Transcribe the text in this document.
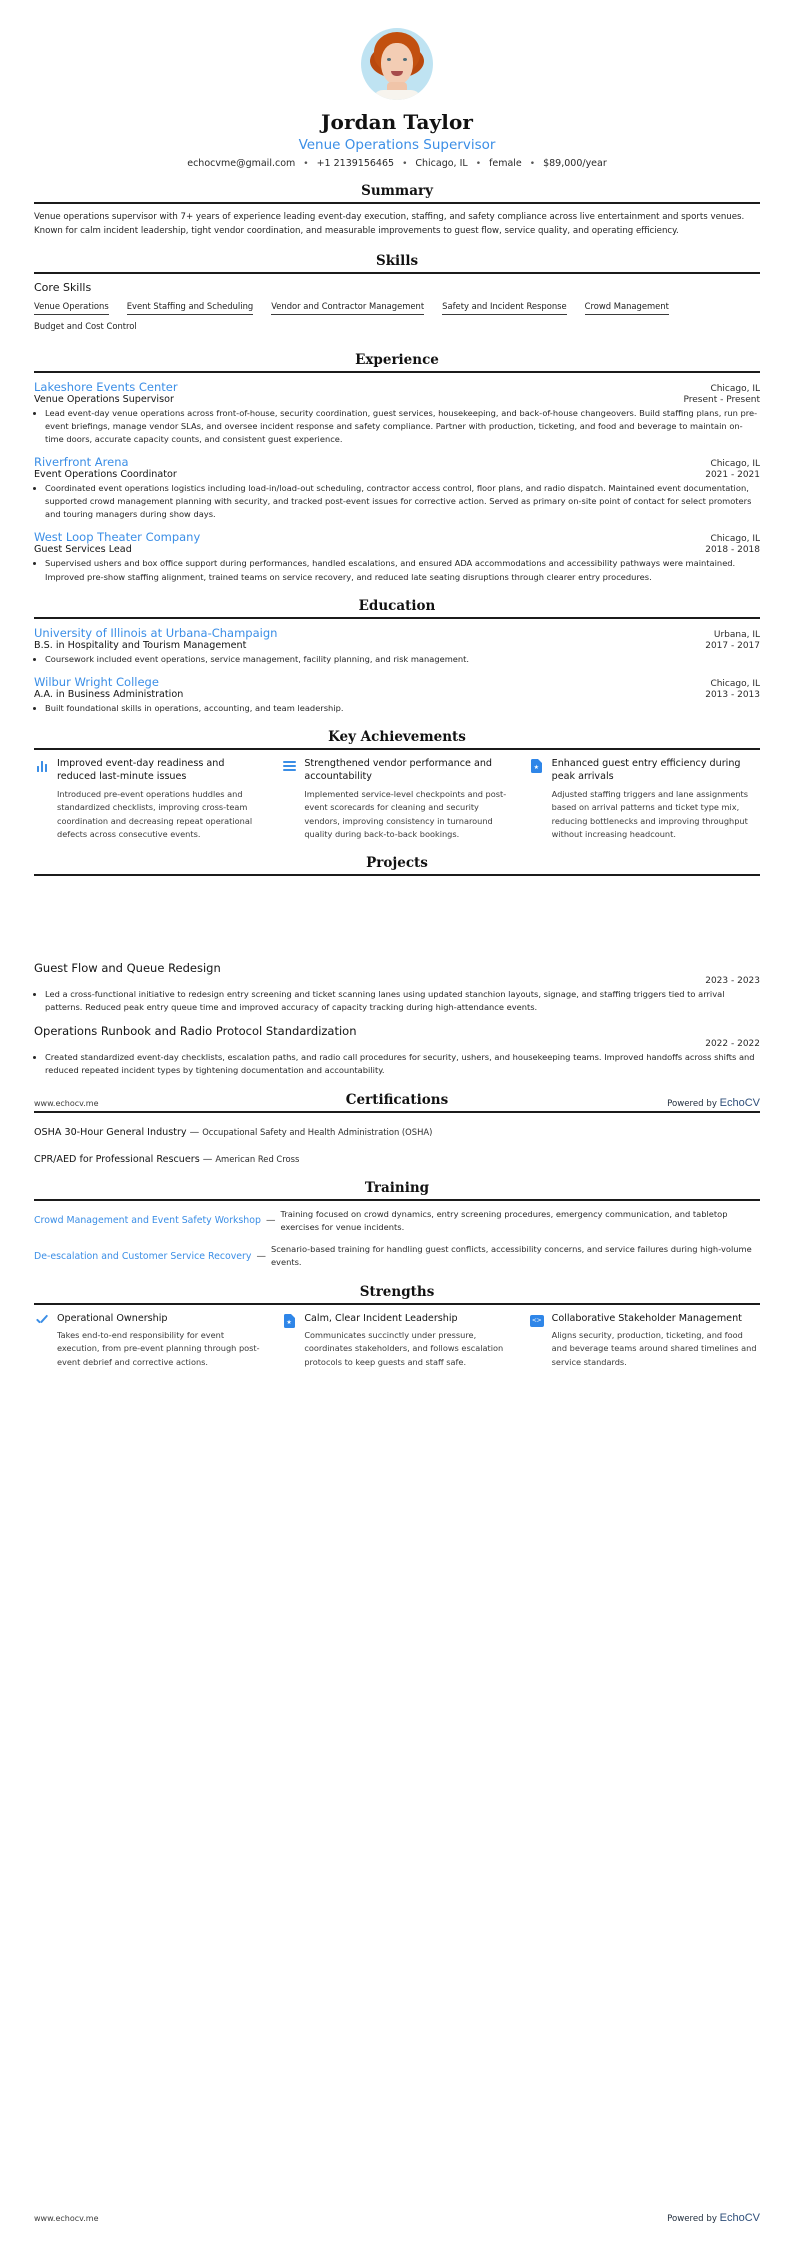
Jordan Taylor
Venue Operations Supervisor
echocvme@gmail.com • +1 2139156465 • Chicago, IL • female • $89,000/year
Summary
Venue operations supervisor with 7+ years of experience leading event-day execution, staffing, and safety compliance across live entertainment and sports venues. Known for calm incident leadership, tight vendor coordination, and measurable improvements to guest flow, service quality, and operating efficiency.
Skills
Core Skills
Venue Operations Event Staffing and Scheduling Vendor and Contractor Management Safety and Incident Response Crowd Management
Budget and Cost Control
Experience
Lakeshore Events Center	Chicago, IL
Venue Operations Supervisor	Present - Present
• Lead event-day venue operations across front-of-house, security coordination, guest services, housekeeping, and back-of-house changeovers. Build staffing plans, run pre-event briefings, manage vendor SLAs, and oversee incident response and safety compliance. Partner with production, ticketing, and food and beverage to maintain on-time doors, accurate capacity counts, and consistent guest experience.
Riverfront Arena	Chicago, IL
Event Operations Coordinator	2021 - 2021
• Coordinated event operations logistics including load-in/load-out scheduling, contractor access control, floor plans, and radio dispatch. Maintained event documentation, supported crowd management planning with security, and tracked post-event issues for corrective action. Served as primary on-site point of contact for select promoters and touring managers during show days.
West Loop Theater Company	Chicago, IL
Guest Services Lead	2018 - 2018
• Supervised ushers and box office support during performances, handled escalations, and ensured ADA accommodations and accessibility pathways were maintained. Improved pre-show staffing alignment, trained teams on service recovery, and reduced late seating disruptions through clearer entry procedures.
Education
University of Illinois at Urbana-Champaign	Urbana, IL
B.S. in Hospitality and Tourism Management	2017 - 2017
• Coursework included event operations, service management, facility planning, and risk management.
Wilbur Wright College	Chicago, IL
A.A. in Business Administration	2013 - 2013
• Built foundational skills in operations, accounting, and team leadership.
Key Achievements
Improved event-day readiness and reduced last-minute issues
Introduced pre-event operations huddles and standardized checklists, improving cross-team coordination and decreasing repeat operational defects across consecutive events.
Strengthened vendor performance and accountability
Implemented service-level checkpoints and post-event scorecards for cleaning and security vendors, improving consistency in turnaround quality during back-to-back bookings.
★ Enhanced guest entry efficiency during peak arrivals
Adjusted staffing triggers and lane assignments based on arrival patterns and ticket type mix, reducing bottlenecks and improving throughput without increasing headcount.
Projects
Guest Flow and Queue Redesign
2023 - 2023
• Led a cross-functional initiative to redesign entry screening and ticket scanning lanes using updated stanchion layouts, signage, and staffing triggers tied to arrival patterns. Reduced peak entry queue time and improved accuracy of capacity tracking during high-attendance events.
Operations Runbook and Radio Protocol Standardization
2022 - 2022
• Created standardized event-day checklists, escalation paths, and radio call procedures for security, ushers, and housekeeping teams. Improved handoffs across shifts and reduced repeated incident types by tightening documentation and accountability.
Certifications
OSHA 30-Hour General Industry — Occupational Safety and Health Administration (OSHA)
CPR/AED for Professional Rescuers — American Red Cross
Training
Crowd Management and Event Safety Workshop —
Training focused on crowd dynamics, entry screening procedures, emergency communication, and tabletop exercises for venue incidents.
De-escalation and Customer Service Recovery —
Scenario-based training for handling guest conflicts, accessibility concerns, and service failures during high-volume events.
Strengths
Operational Ownership
Takes end-to-end responsibility for event execution, from pre-event planning through post-event debrief and corrective actions.
★ Calm, Clear Incident Leadership
Communicates succinctly under pressure, coordinates stakeholders, and follows escalation protocols to keep guests and staff safe.
<> Collaborative Stakeholder Management
Aligns security, production, ticketing, and food and beverage teams around shared timelines and service standards.
www.echocv.me	Powered by EchoCV
www.echocv.me	Powered by EchoCV
